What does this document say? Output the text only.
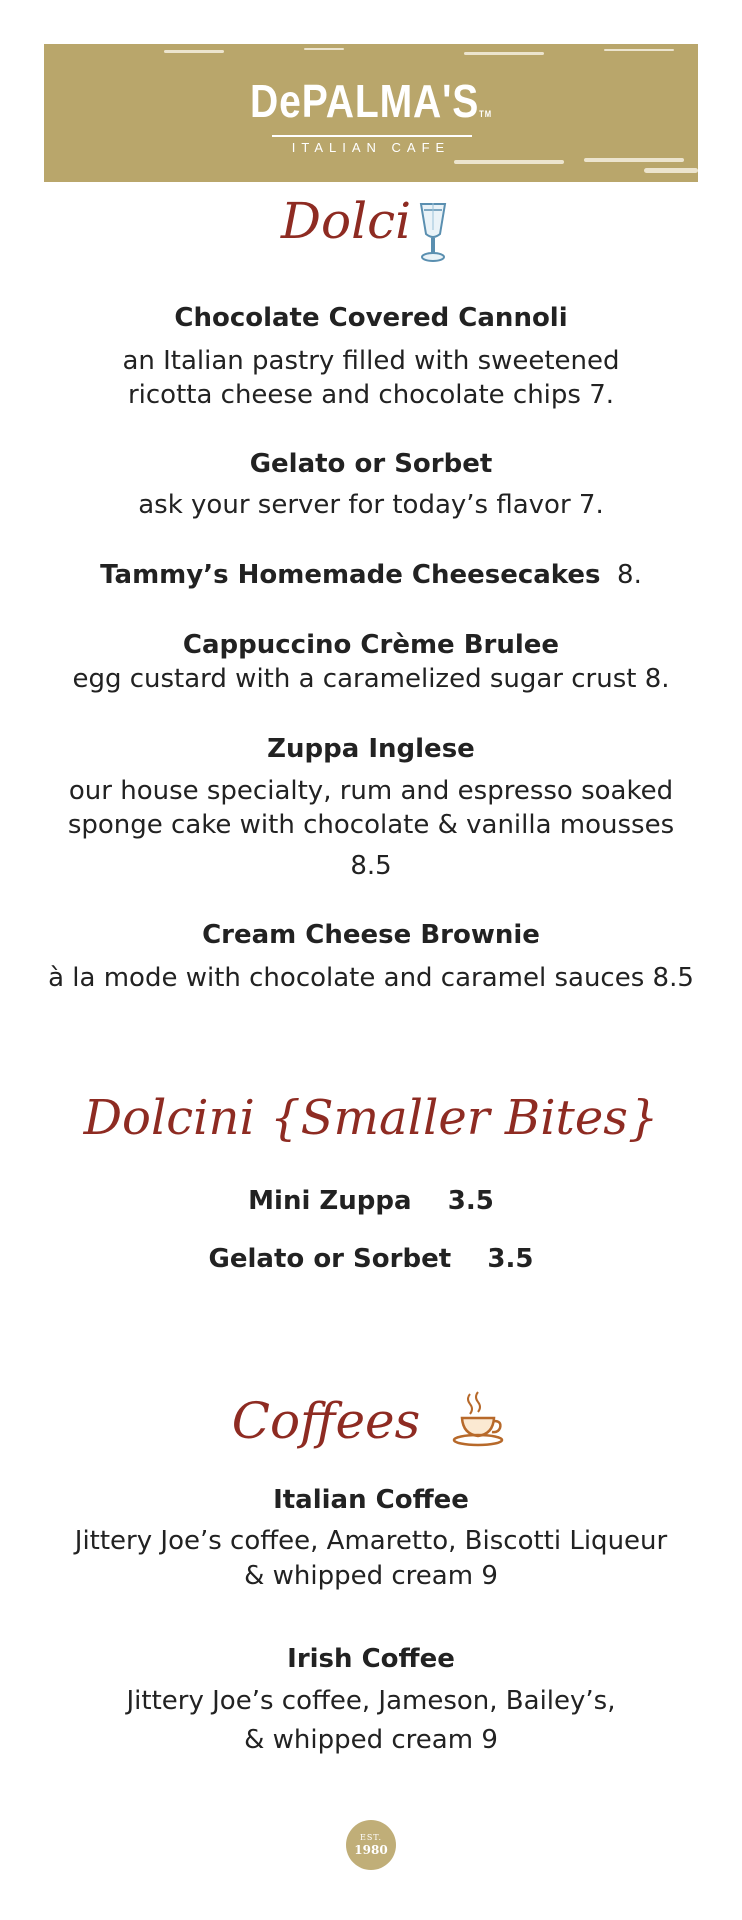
DePALMA'STM
ITALIAN CAFE
Dolci
Chocolate Covered Cannoli
an Italian pastry filled with sweetened
ricotta cheese and chocolate chips 7.
Gelato or Sorbet
ask your server for today’s flavor 7.
Tammy’s Homemade Cheesecakes 8.
Cappuccino Crème Brulee
egg custard with a caramelized sugar crust 8.
Zuppa Inglese
our house specialty, rum and espresso soaked
sponge cake with chocolate & vanilla mousses
8.5
Cream Cheese Brownie
à la mode with chocolate and caramel sauces 8.5
Dolcini {Smaller Bites}
Mini Zuppa 3.5
Gelato or Sorbet 3.5
Coffees
Italian Coffee
Jittery Joe’s coffee, Amaretto, Biscotti Liqueur
& whipped cream 9
Irish Coffee
Jittery Joe’s coffee, Jameson, Bailey’s,
& whipped cream 9
EST.
1980
